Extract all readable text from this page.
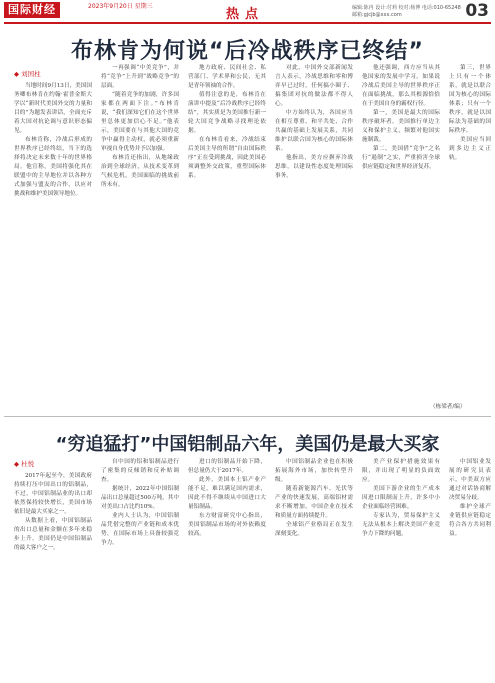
国际财经	2023年9月20日 星期三
热点	编辑:陈冉 设计:付莉 校对:杨博 电话:010-65248 邮箱:gjcjb@xxx.com	03
布林肯为何说“后冷战秩序已终结”
◆ 刘国柱

当地时间9月13日，美国国务卿布林肯在约翰·霍普金斯大学以“新时代美国外交的力量和目的”为题发表讲话，全面充斥着大国对抗论调与意识形态偏见。

布林肯称，冷战后形成的世界秩序已经终结，当下的选择将决定未来数十年的世界格局。他宣称，美国将强化其在联盟中的主导地位并以各种方式加强与盟友的合作，以应对挑战和维护美国领导地位。

一再强调“中美竞争”，并将“竞争”上升到“战略竞争”的层面。

“随着竞争的加剧，许多国家都在两面下注。”布林肯说，“我们深知它们在这个世界里总体更加信心不足。”他表示，美国要在与其他大国的竞争中赢得主动权，就必须重新审视自身优势并予以加强。

布林肯还指出，从地缘政治到全球经济，从技术变革到气候危机，美国面临的挑战前所未有。

地方政府、民间社会、私营部门、学术界和公民，无其是青年领袖的合作。

值得注意的是，布林肯在演讲中提及“后冷战秩序已经终结”，其实质是为美国推行新一轮大国竞争战略寻找理论依据。

在布林肯看来，冷战结束后美国主导的所谓“自由国际秩序”正在受到挑战，因此美国必须调整外交政策，重塑国际体系。

对此，中国外交部新闻发言人表示，冷战思维和零和博弈早已过时，任何搞小圈子、搞集团对抗的做法都不得人心。

中方始终认为，各国应当在相互尊重、和平共处、合作共赢的基础上发展关系，共同维护以联合国为核心的国际体系。

他指出，美方应摒弃冷战思维，以建设性态度处理国际事务。

他还强调，西方应当从其他国家的发展中学习。如果说冷战后美国主导的世界秩序正在面临挑战，那么其根源恰恰在于美国自身的霸权行径。

第一，美国是最大的国际秩序破坏者。美国推行单边主义和保护主义，频繁对他国实施制裁。

第二，美国借“竞争”之名行“遏制”之实，严重损害全球供应链稳定和世界经济复苏。

第三，世界上只有一个体系，就是以联合国为核心的国际体系；只有一个秩序，就是以国际法为基础的国际秩序。

美国应当回到多边主义正轨。

（栋梁者/编）
“穷追猛打”中国铝制品六年，美国仍是最大买家
◆ 杜悦

2017年起至今，美国政府持续打压中国出口的铝制品，不过，中国铝制品业的出口却依然保持较快增长，美国市场依旧是最大买家之一。

从数据上看，中国铝制品的出口总量和金额在多年来稳步上升，美国仍是中国铝制品的最大客户之一。

自中国的铝和铝制品进行了密集的反倾销和反补贴调查。

据统计，2022年中国铝制品出口总量超过500万吨，其中对美出口占比约10%。

业内人士认为，中国铝制品凭借完整的产业链和成本优势，在国际市场上具备较强竞争力。

进口的铝制品开始下降，但总量仍大于2017年。

此外，美国本土铝产业产能不足，难以满足国内需求，因此不得不继续从中国进口大量铝制品。

东方财富研究中心指出，美国铝制品市场的对外依赖度较高。

中国铝制品企业也在积极拓展海外市场，加快转型升级。

随着新能源汽车、光伏等产业的快速发展，高端铝材需求不断增加，中国企业在技术和质量方面持续提升。

全球铝产业格局正在发生深刻变化。

美产业保护措施效果有限，并出现了明显的负面效应。

美国下游企业的生产成本因进口限制而上升，许多中小企业面临经营困难。

专家认为，贸易保护主义无法从根本上解决美国产业竞争力下降的问题。

中国铝业发展的研究员表示，中美双方应通过对话协商解决贸易分歧。

维护全球产业链供应链稳定符合各方共同利益。
